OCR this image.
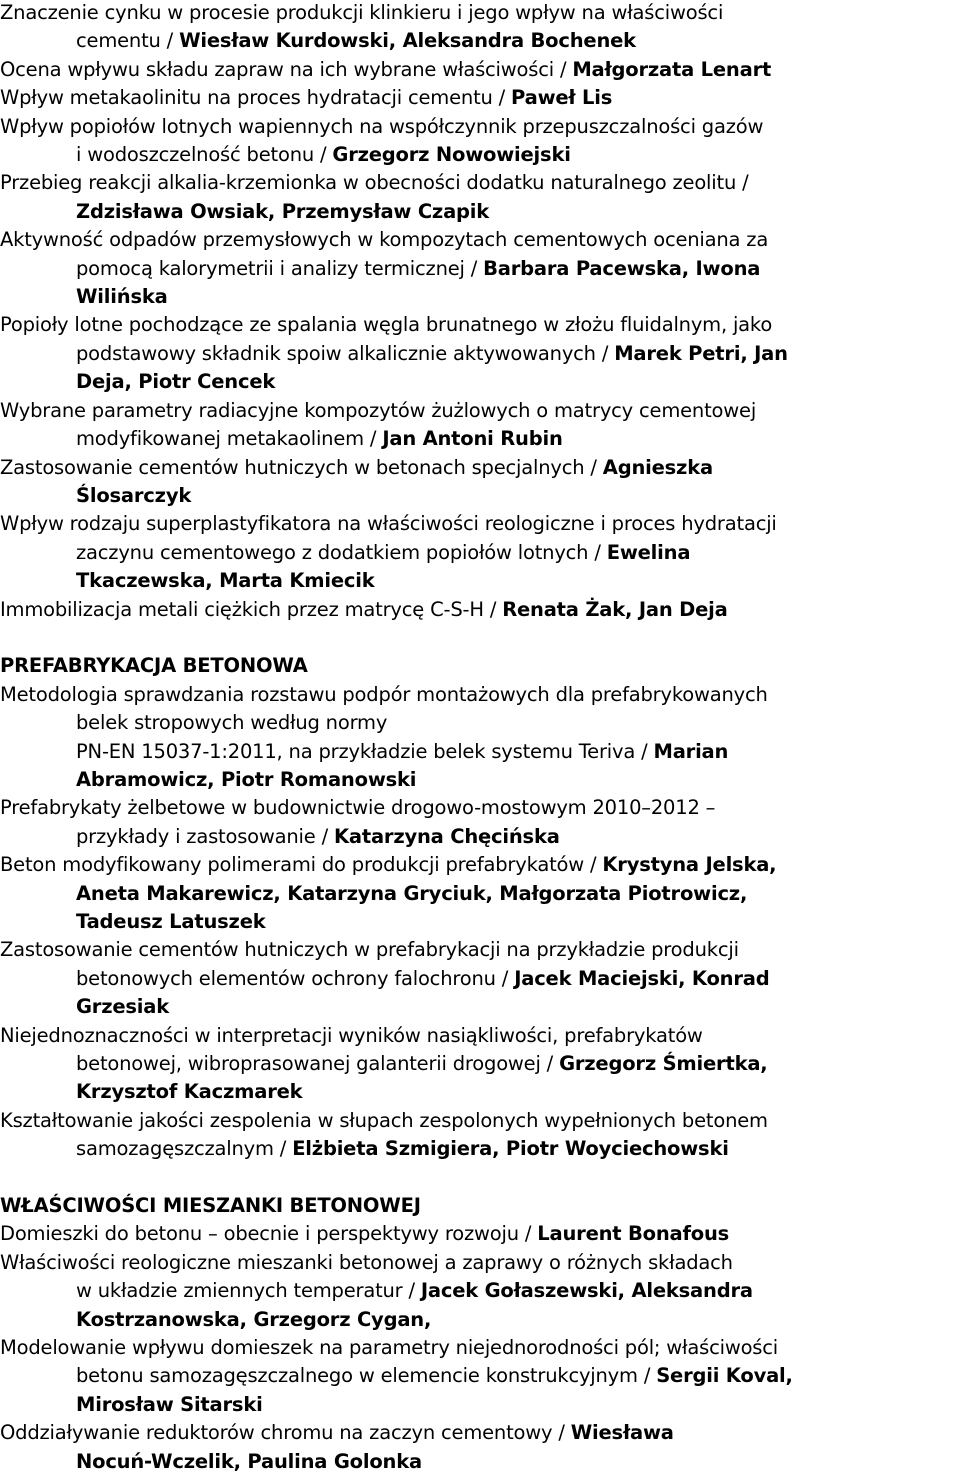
Znaczenie cynku w procesie produkcji klinkieru i jego wpływ na właściwości
cementu / Wiesław Kurdowski, Aleksandra Bochenek

Ocena wpływu składu zapraw na ich wybrane właściwości / Małgorzata Lenart

Wpływ metakaolinitu na proces hydratacji cementu / Paweł Lis

Wpływ popiołów lotnych wapiennych na współczynnik przepuszczalności gazów
i wodoszczelność betonu / Grzegorz Nowowiejski

Przebieg reakcji alkalia-krzemionka w obecności dodatku naturalnego zeolitu /
Zdzisława Owsiak, Przemysław Czapik

Aktywność odpadów przemysłowych w kompozytach cementowych oceniana za
pomocą kalorymetrii i analizy termicznej / Barbara Pacewska, Iwona
Wilińska

Popioły lotne pochodzące ze spalania węgla brunatnego w złożu fluidalnym, jako
podstawowy składnik spoiw alkalicznie aktywowanych / Marek Petri, Jan
Deja, Piotr Cencek

Wybrane parametry radiacyjne kompozytów żużlowych o matrycy cementowej
modyfikowanej metakaolinem / Jan Antoni Rubin

Zastosowanie cementów hutniczych w betonach specjalnych / Agnieszka
Ślosarczyk

Wpływ rodzaju superplastyfikatora na właściwości reologiczne i proces hydratacji
zaczynu cementowego z dodatkiem popiołów lotnych / Ewelina
Tkaczewska, Marta Kmiecik

Immobilizacja metali ciężkich przez matrycę C-S-H / Renata Żak, Jan Deja

PREFABRYKACJA BETONOWA

Metodologia sprawdzania rozstawu podpór montażowych dla prefabrykowanych
belek stropowych według normy
PN-EN 15037-1:2011, na przykładzie belek systemu Teriva / Marian
Abramowicz, Piotr Romanowski

Prefabrykaty żelbetowe w budownictwie drogowo-mostowym 2010–2012 –
przykłady i zastosowanie / Katarzyna Chęcińska

Beton modyfikowany polimerami do produkcji prefabrykatów / Krystyna Jelska,
Aneta Makarewicz, Katarzyna Gryciuk, Małgorzata Piotrowicz,
Tadeusz Latuszek

Zastosowanie cementów hutniczych w prefabrykacji na przykładzie produkcji
betonowych elementów ochrony falochronu / Jacek Maciejski, Konrad
Grzesiak

Niejednoznaczności w interpretacji wyników nasiąkliwości, prefabrykatów
betonowej, wibroprasowanej galanterii drogowej / Grzegorz Śmiertka,
Krzysztof Kaczmarek

Kształtowanie jakości zespolenia w słupach zespolonych wypełnionych betonem
samozagęszczalnym / Elżbieta Szmigiera, Piotr Woyciechowski

WŁAŚCIWOŚCI MIESZANKI BETONOWEJ

Domieszki do betonu – obecnie i perspektywy rozwoju / Laurent Bonafous

Właściwości reologiczne mieszanki betonowej a zaprawy o różnych składach
w układzie zmiennych temperatur / Jacek Gołaszewski, Aleksandra
Kostrzanowska, Grzegorz Cygan,

Modelowanie wpływu domieszek na parametry niejednorodności pól; właściwości
betonu samozagęszczalnego w elemencie konstrukcyjnym / Sergii Koval,
Mirosław Sitarski

Oddziaływanie reduktorów chromu na zaczyn cementowy / Wiesława
Nocuń-Wczelik, Paulina Golonka
